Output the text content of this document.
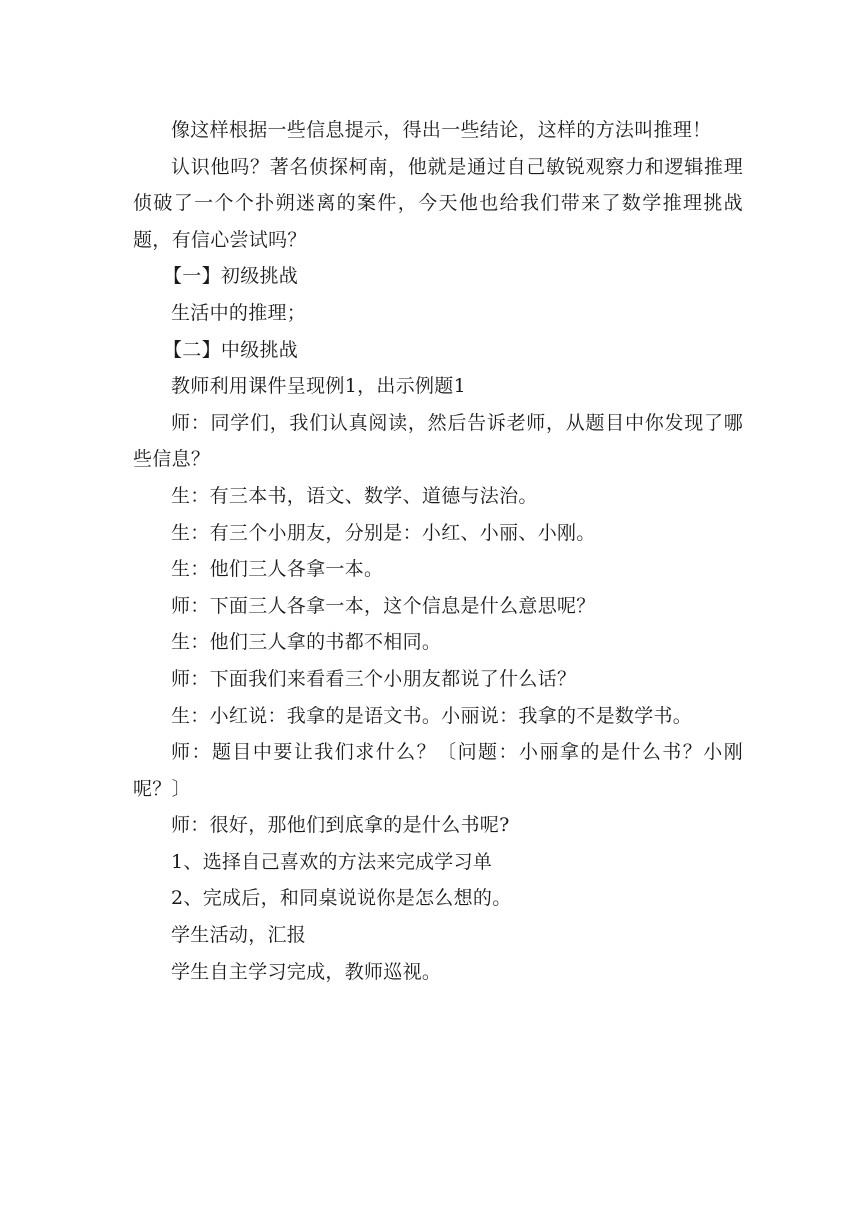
像这样根据一些信息提示，得出一些结论，这样的方法叫推理！

认识他吗？著名侦探柯南，他就是通过自己敏锐观察力和逻辑推理侦破了一个个扑朔迷离的案件，今天他也给我们带来了数学推理挑战题，有信心尝试吗？

【一】初级挑战

生活中的推理；

【二】中级挑战

教师利用课件呈现例1，出示例题1

师：同学们，我们认真阅读，然后告诉老师，从题目中你发现了哪些信息？

生：有三本书，语文、数学、道德与法治。

生：有三个小朋友，分别是：小红、小丽、小刚。

生：他们三人各拿一本。

师：下面三人各拿一本，这个信息是什么意思呢？

生：他们三人拿的书都不相同。

师：下面我们来看看三个小朋友都说了什么话？

生：小红说：我拿的是语文书。小丽说：我拿的不是数学书。

师：题目中要让我们求什么？〔问题：小丽拿的是什么书？小刚呢？〕

师：很好，那他们到底拿的是什么书呢?

1、选择自己喜欢的方法来完成学习单

2、完成后，和同桌说说你是怎么想的。

学生活动，汇报

学生自主学习完成，教师巡视。
